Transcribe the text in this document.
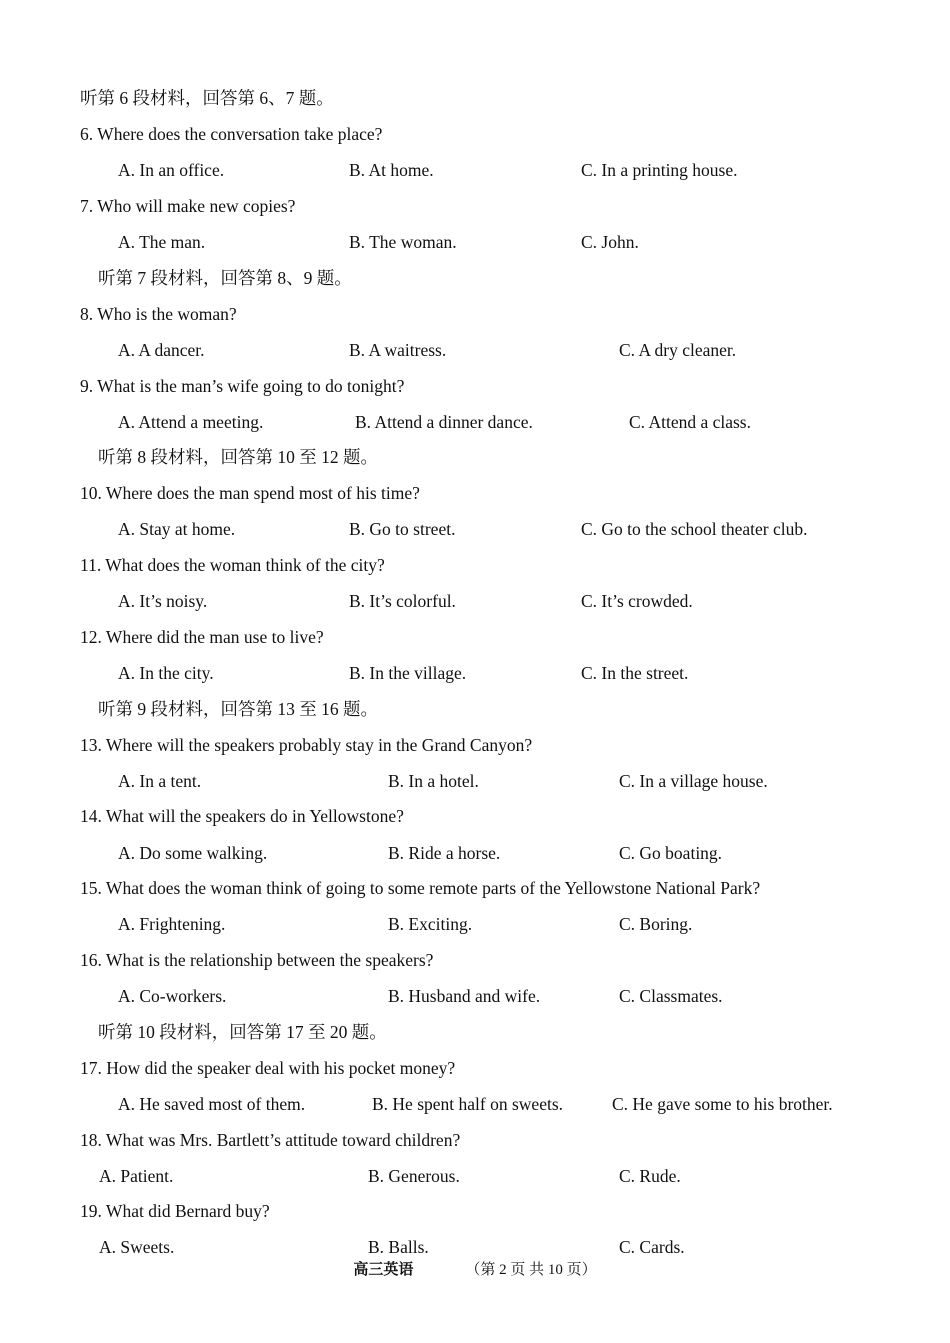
听第 6 段材料，回答第 6、7 题。
6. Where does the conversation take place?
A. In an office.	B. At home.	C. In a printing house.
7. Who will make new copies?
A. The man.	B. The woman.	C. John.
听第 7 段材料，回答第 8、9 题。
8. Who is the woman?
A. A dancer.	B. A waitress.	C. A dry cleaner.
9. What is the man’s wife going to do tonight?
A. Attend a meeting.	B. Attend a dinner dance.	C. Attend a class.
听第 8 段材料，回答第 10 至 12 题。
10. Where does the man spend most of his time?
A. Stay at home.	B. Go to street.	C. Go to the school theater club.
11. What does the woman think of the city?
A. It’s noisy.	B. It’s colorful.	C. It’s crowded.
12. Where did the man use to live?
A. In the city.	B. In the village.	C. In the street.
听第 9 段材料，回答第 13 至 16 题。
13. Where will the speakers probably stay in the Grand Canyon?
A. In a tent.	B. In a hotel.	C. In a village house.
14. What will the speakers do in Yellowstone?
A. Do some walking.	B. Ride a horse.	C. Go boating.
15. What does the woman think of going to some remote parts of the Yellowstone National Park?
A. Frightening.	B. Exciting.	C. Boring.
16. What is the relationship between the speakers?
A. Co-workers.	B. Husband and wife.	C. Classmates.
听第 10 段材料，回答第 17 至 20 题。
17. How did the speaker deal with his pocket money?
A. He saved most of them.	B. He spent half on sweets.	C. He gave some to his brother.
18. What was Mrs. Bartlett’s attitude toward children?
A. Patient.	B. Generous.	C. Rude.
19. What did Bernard buy?
A. Sweets.	B. Balls.	C. Cards.
高三英语	（第 2 页 共 10 页）
